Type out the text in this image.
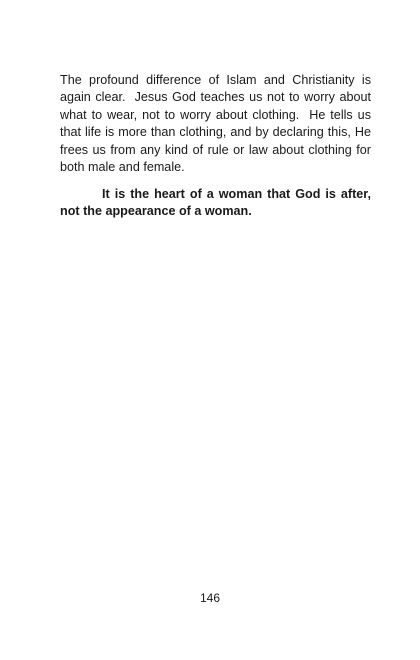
The profound difference of Islam and Christianity is again clear.  Jesus God teaches us not to worry about what to wear, not to worry about clothing.  He tells us that life is more than clothing, and by declaring this, He frees us from any kind of rule or law about clothing for both male and female.

It is the heart of a woman that God is after, not the appearance of a woman.

146
